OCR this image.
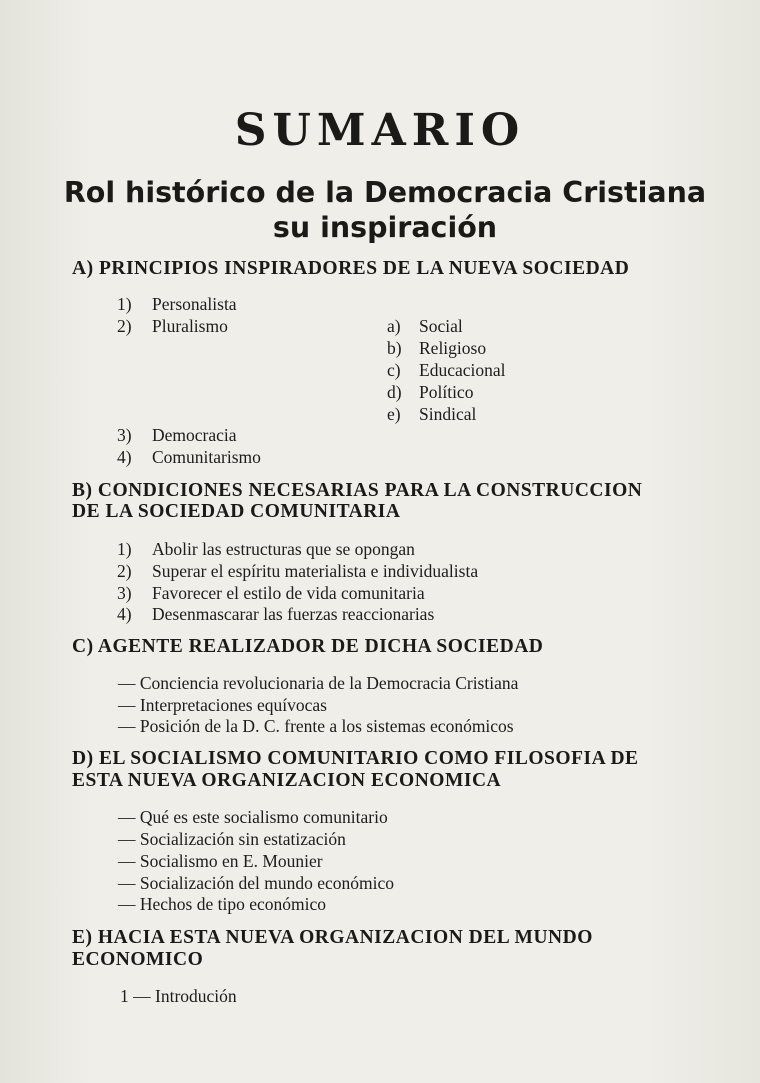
SUMARIO
Rol histórico de la Democracia Cristiana
su inspiración
A) PRINCIPIOS INSPIRADORES DE LA NUEVA SOCIEDAD
1) Personalista
2) Pluralismo	a) Social
b) Religioso
c) Educacional
d) Político
e) Sindical
3) Democracia
4) Comunitarismo
B) CONDICIONES NECESARIAS PARA LA CONSTRUCCION
DE LA SOCIEDAD COMUNITARIA
1) Abolir las estructuras que se opongan
2) Superar el espíritu materialista e individualista
3) Favorecer el estilo de vida comunitaria
4) Desenmascarar las fuerzas reaccionarias
C) AGENTE REALIZADOR DE DICHA SOCIEDAD
— Conciencia revolucionaria de la Democracia Cristiana
— Interpretaciones equívocas
— Posición de la D. C. frente a los sistemas económicos
D) EL SOCIALISMO COMUNITARIO COMO FILOSOFIA DE
ESTA NUEVA ORGANIZACION ECONOMICA
— Qué es este socialismo comunitario
— Socialización sin estatización
— Socialismo en E. Mounier
— Socialización del mundo económico
— Hechos de tipo económico
E) HACIA ESTA NUEVA ORGANIZACION DEL MUNDO
ECONOMICO
1 — Introdución
